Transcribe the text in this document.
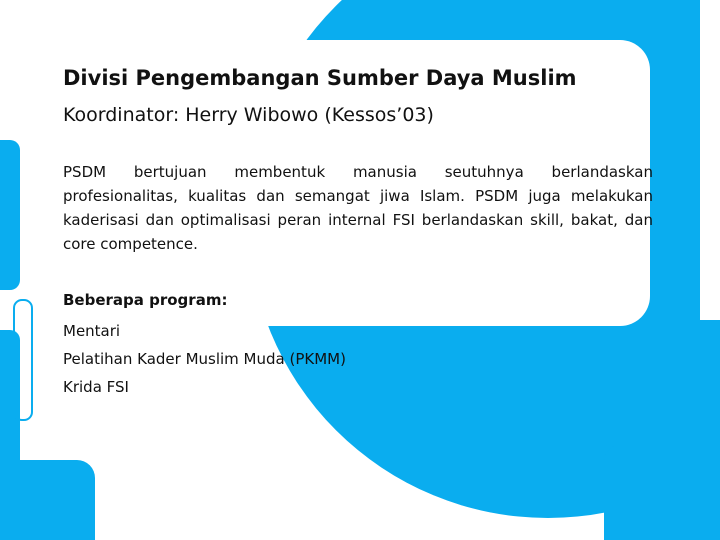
Divisi Pengembangan Sumber Daya Muslim
Koordinator: Herry Wibowo (Kessos’03)
PSDM bertujuan membentuk manusia seutuhnya berlandaskan profesionalitas, kualitas dan semangat jiwa Islam. PSDM juga melakukan kaderisasi dan optimalisasi peran internal FSI berlandaskan skill, bakat, dan core competence.
Beberapa program:
Mentari
Pelatihan Kader Muslim Muda (PKMM)
Krida FSI
